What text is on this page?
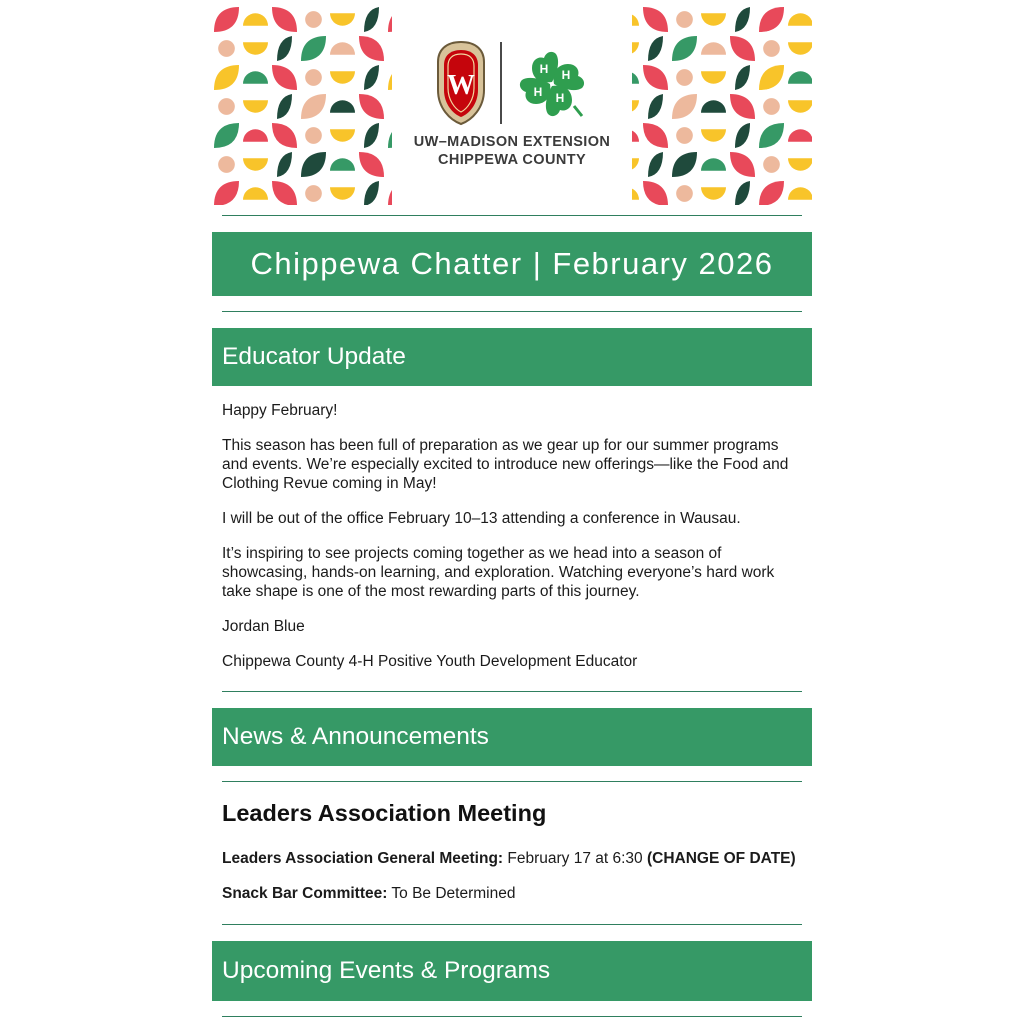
W
H H
H
H
UW–MADISON EXTENSION
CHIPPEWA COUNTY
Chippewa Chatter | February 2026
Educator Update

Happy February!

This season has been full of preparation as we gear up for our summer programs and events. We’re especially excited to introduce new offerings—like the Food and Clothing Revue coming in May!

I will be out of the office February 10–13 attending a conference in Wausau.

It’s inspiring to see projects coming together as we head into a season of showcasing, hands-on learning, and exploration. Watching everyone’s hard work take shape is one of the most rewarding parts of this journey.

Jordan Blue

Chippewa County 4-H Positive Youth Development Educator

News & Announcements
Leaders Association Meeting
Leaders Association General Meeting: February 17 at 6:30 (CHANGE OF DATE)
Snack Bar Committee: To Be Determined
Upcoming Events & Programs
